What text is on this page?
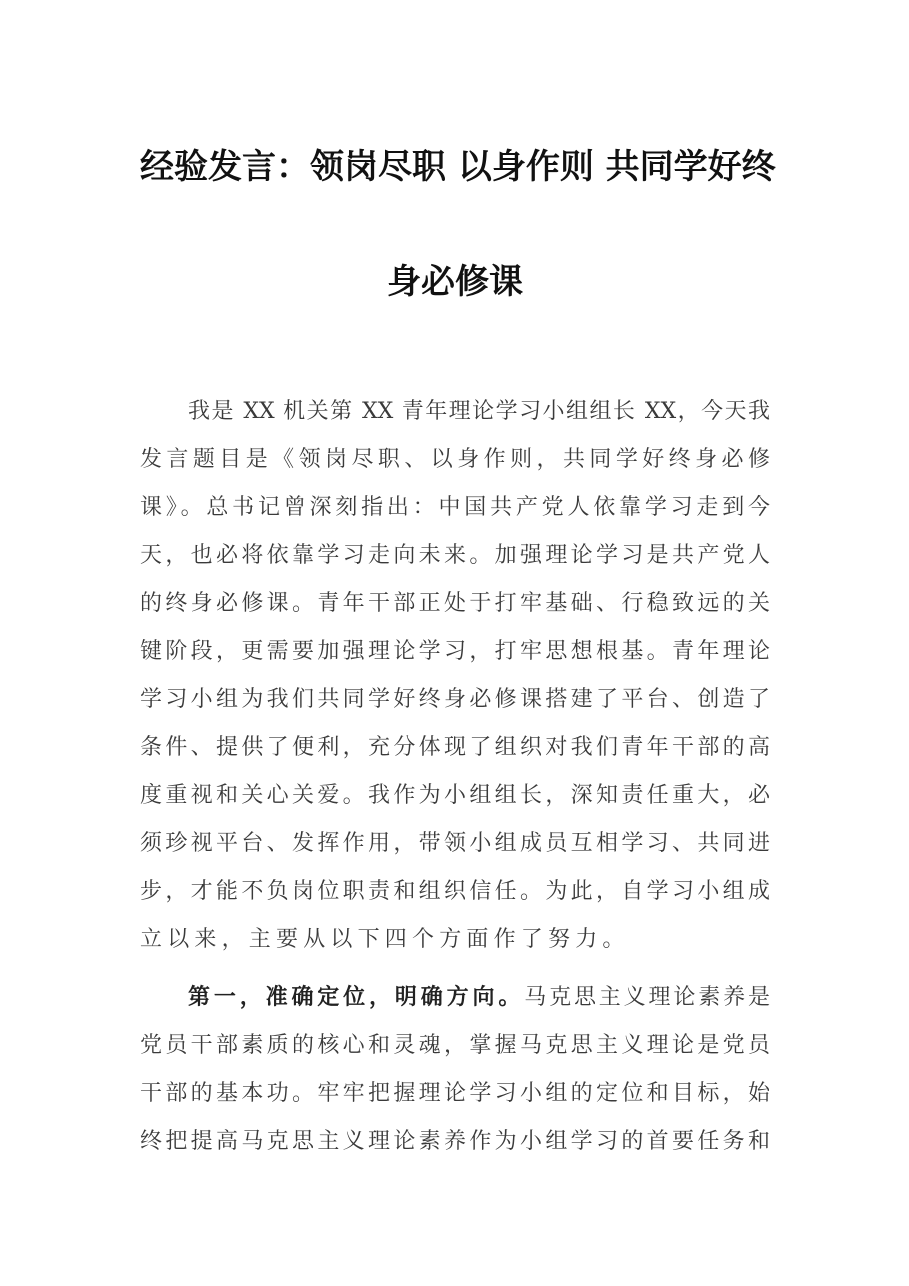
经验发言：领岗尽职 以身作则 共同学好终
身必修课
我是 XX 机关第 XX 青年理论学习小组组长 XX，今天我
发言题目是《领岗尽职、以身作则，共同学好终身必修
课》。总书记曾深刻指出：中国共产党人依靠学习走到今
天，也必将依靠学习走向未来。加强理论学习是共产党人
的终身必修课。青年干部正处于打牢基础、行稳致远的关
键阶段，更需要加强理论学习，打牢思想根基。青年理论
学习小组为我们共同学好终身必修课搭建了平台、创造了
条件、提供了便利，充分体现了组织对我们青年干部的高
度重视和关心关爱。我作为小组组长，深知责任重大，必
须珍视平台、发挥作用，带领小组成员互相学习、共同进
步，才能不负岗位职责和组织信任。为此，自学习小组成
立以来，主要从以下四个方面作了努力。
第一，准确定位，明确方向。马克思主义理论素养是
党员干部素质的核心和灵魂，掌握马克思主义理论是党员
干部的基本功。牢牢把握理论学习小组的定位和目标，始
终把提高马克思主义理论素养作为小组学习的首要任务和
